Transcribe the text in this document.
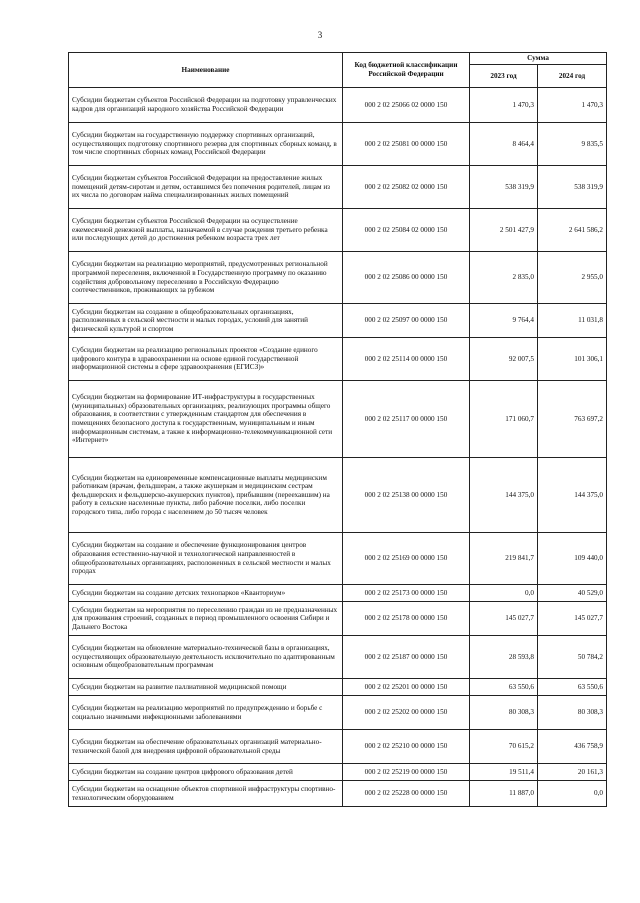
3
Наименование	Код бюджетной классификации Российской Федерации	Сумма	
		2023 год	2024 год
Субсидии бюджетам субъектов Российской Федерации на подготовку управленческих кадров для организаций народного хозяйства Российской Федерации	000 2 02 25066 02 0000 150	1 470,3	1 470,3
Субсидии бюджетам на государственную поддержку спортивных организаций, осуществляющих подготовку спортивного резерва для спортивных сборных команд, в том числе спортивных сборных команд Российской Федерации	000 2 02 25081 00 0000 150	8 464,4	9 835,5
Субсидии бюджетам субъектов Российской Федерации на предоставление жилых помещений детям-сиротам и детям, оставшимся без попечения родителей, лицам из их числа по договорам найма специализированных жилых помещений	000 2 02 25082 02 0000 150	538 319,9	538 319,9
Субсидии бюджетам субъектов Российской Федерации на осуществление ежемесячной денежной выплаты, назначаемой в случае рождения третьего ребенка или последующих детей до достижения ребенком возраста трех лет	000 2 02 25084 02 0000 150	2 501 427,9	2 641 586,2
Субсидии бюджетам на реализацию мероприятий, предусмотренных региональной программой переселения, включенной в Государственную программу по оказанию содействия добровольному переселению в Российскую Федерацию соотечественников, проживающих за рубежом	000 2 02 25086 00 0000 150	2 835,0	2 955,0
Субсидии бюджетам на создание в общеобразовательных организациях, расположенных в сельской местности и малых городах, условий для занятий физической культурой и спортом	000 2 02 25097 00 0000 150	9 764,4	11 031,8
Субсидии бюджетам на реализацию региональных проектов «Создание единого цифрового контура в здравоохранении на основе единой государственной информационной системы в сфере здравоохранения (ЕГИСЗ)»	000 2 02 25114 00 0000 150	92 007,5	101 306,1
Субсидии бюджетам на формирование ИТ-инфраструктуры в государственных (муниципальных) образовательных организациях, реализующих программы общего образования, в соответствии с утвержденным стандартом для обеспечения в помещениях безопасного доступа к государственным, муниципальным и иным информационным системам, а также к информационно-телекоммуникационной сети «Интернет»	000 2 02 25117 00 0000 150	171 060,7	763 697,2
Субсидии бюджетам на единовременные компенсационные выплаты медицинским работникам (врачам, фельдшерам, а также акушеркам и медицинским сестрам фельдшерских и фельдшерско-акушерских пунктов), прибывшим (переехавшим) на работу в сельские населенные пункты, либо рабочие поселки, либо поселки городского типа, либо города с населением до 50 тысяч человек	000 2 02 25138 00 0000 150	144 375,0	144 375,0
Субсидии бюджетам на создание и обеспечение функционирования центров образования естественно-научной и технологической направленностей в общеобразовательных организациях, расположенных в сельской местности и малых городах	000 2 02 25169 00 0000 150	219 841,7	109 440,0
Субсидии бюджетам на создание детских технопарков «Кванториум»	000 2 02 25173 00 0000 150	0,0	40 529,0
Субсидии бюджетам на мероприятия по переселению граждан из не предназначенных для проживания строений, созданных в период промышленного освоения Сибири и Дальнего Востока	000 2 02 25178 00 0000 150	145 027,7	145 027,7
Субсидии бюджетам на обновление материально-технической базы в организациях, осуществляющих образовательную деятельность исключительно по адаптированным основным общеобразовательным программам	000 2 02 25187 00 0000 150	28 593,8	50 784,2
Субсидии бюджетам на развитие паллиативной медицинской помощи	000 2 02 25201 00 0000 150	63 550,6	63 550,6
Субсидии бюджетам на реализацию мероприятий по предупреждению и борьбе с социально значимыми инфекционными заболеваниями	000 2 02 25202 00 0000 150	80 308,3	80 308,3
Субсидии бюджетам на обеспечение образовательных организаций материально-технической базой для внедрения цифровой образовательной среды	000 2 02 25210 00 0000 150	70 615,2	436 758,9
Субсидии бюджетам на создание центров цифрового образования детей	000 2 02 25219 00 0000 150	19 511,4	20 161,3
Субсидии бюджетам на оснащение объектов спортивной инфраструктуры спортивно-технологическим оборудованием	000 2 02 25228 00 0000 150	11 887,0	0,0
